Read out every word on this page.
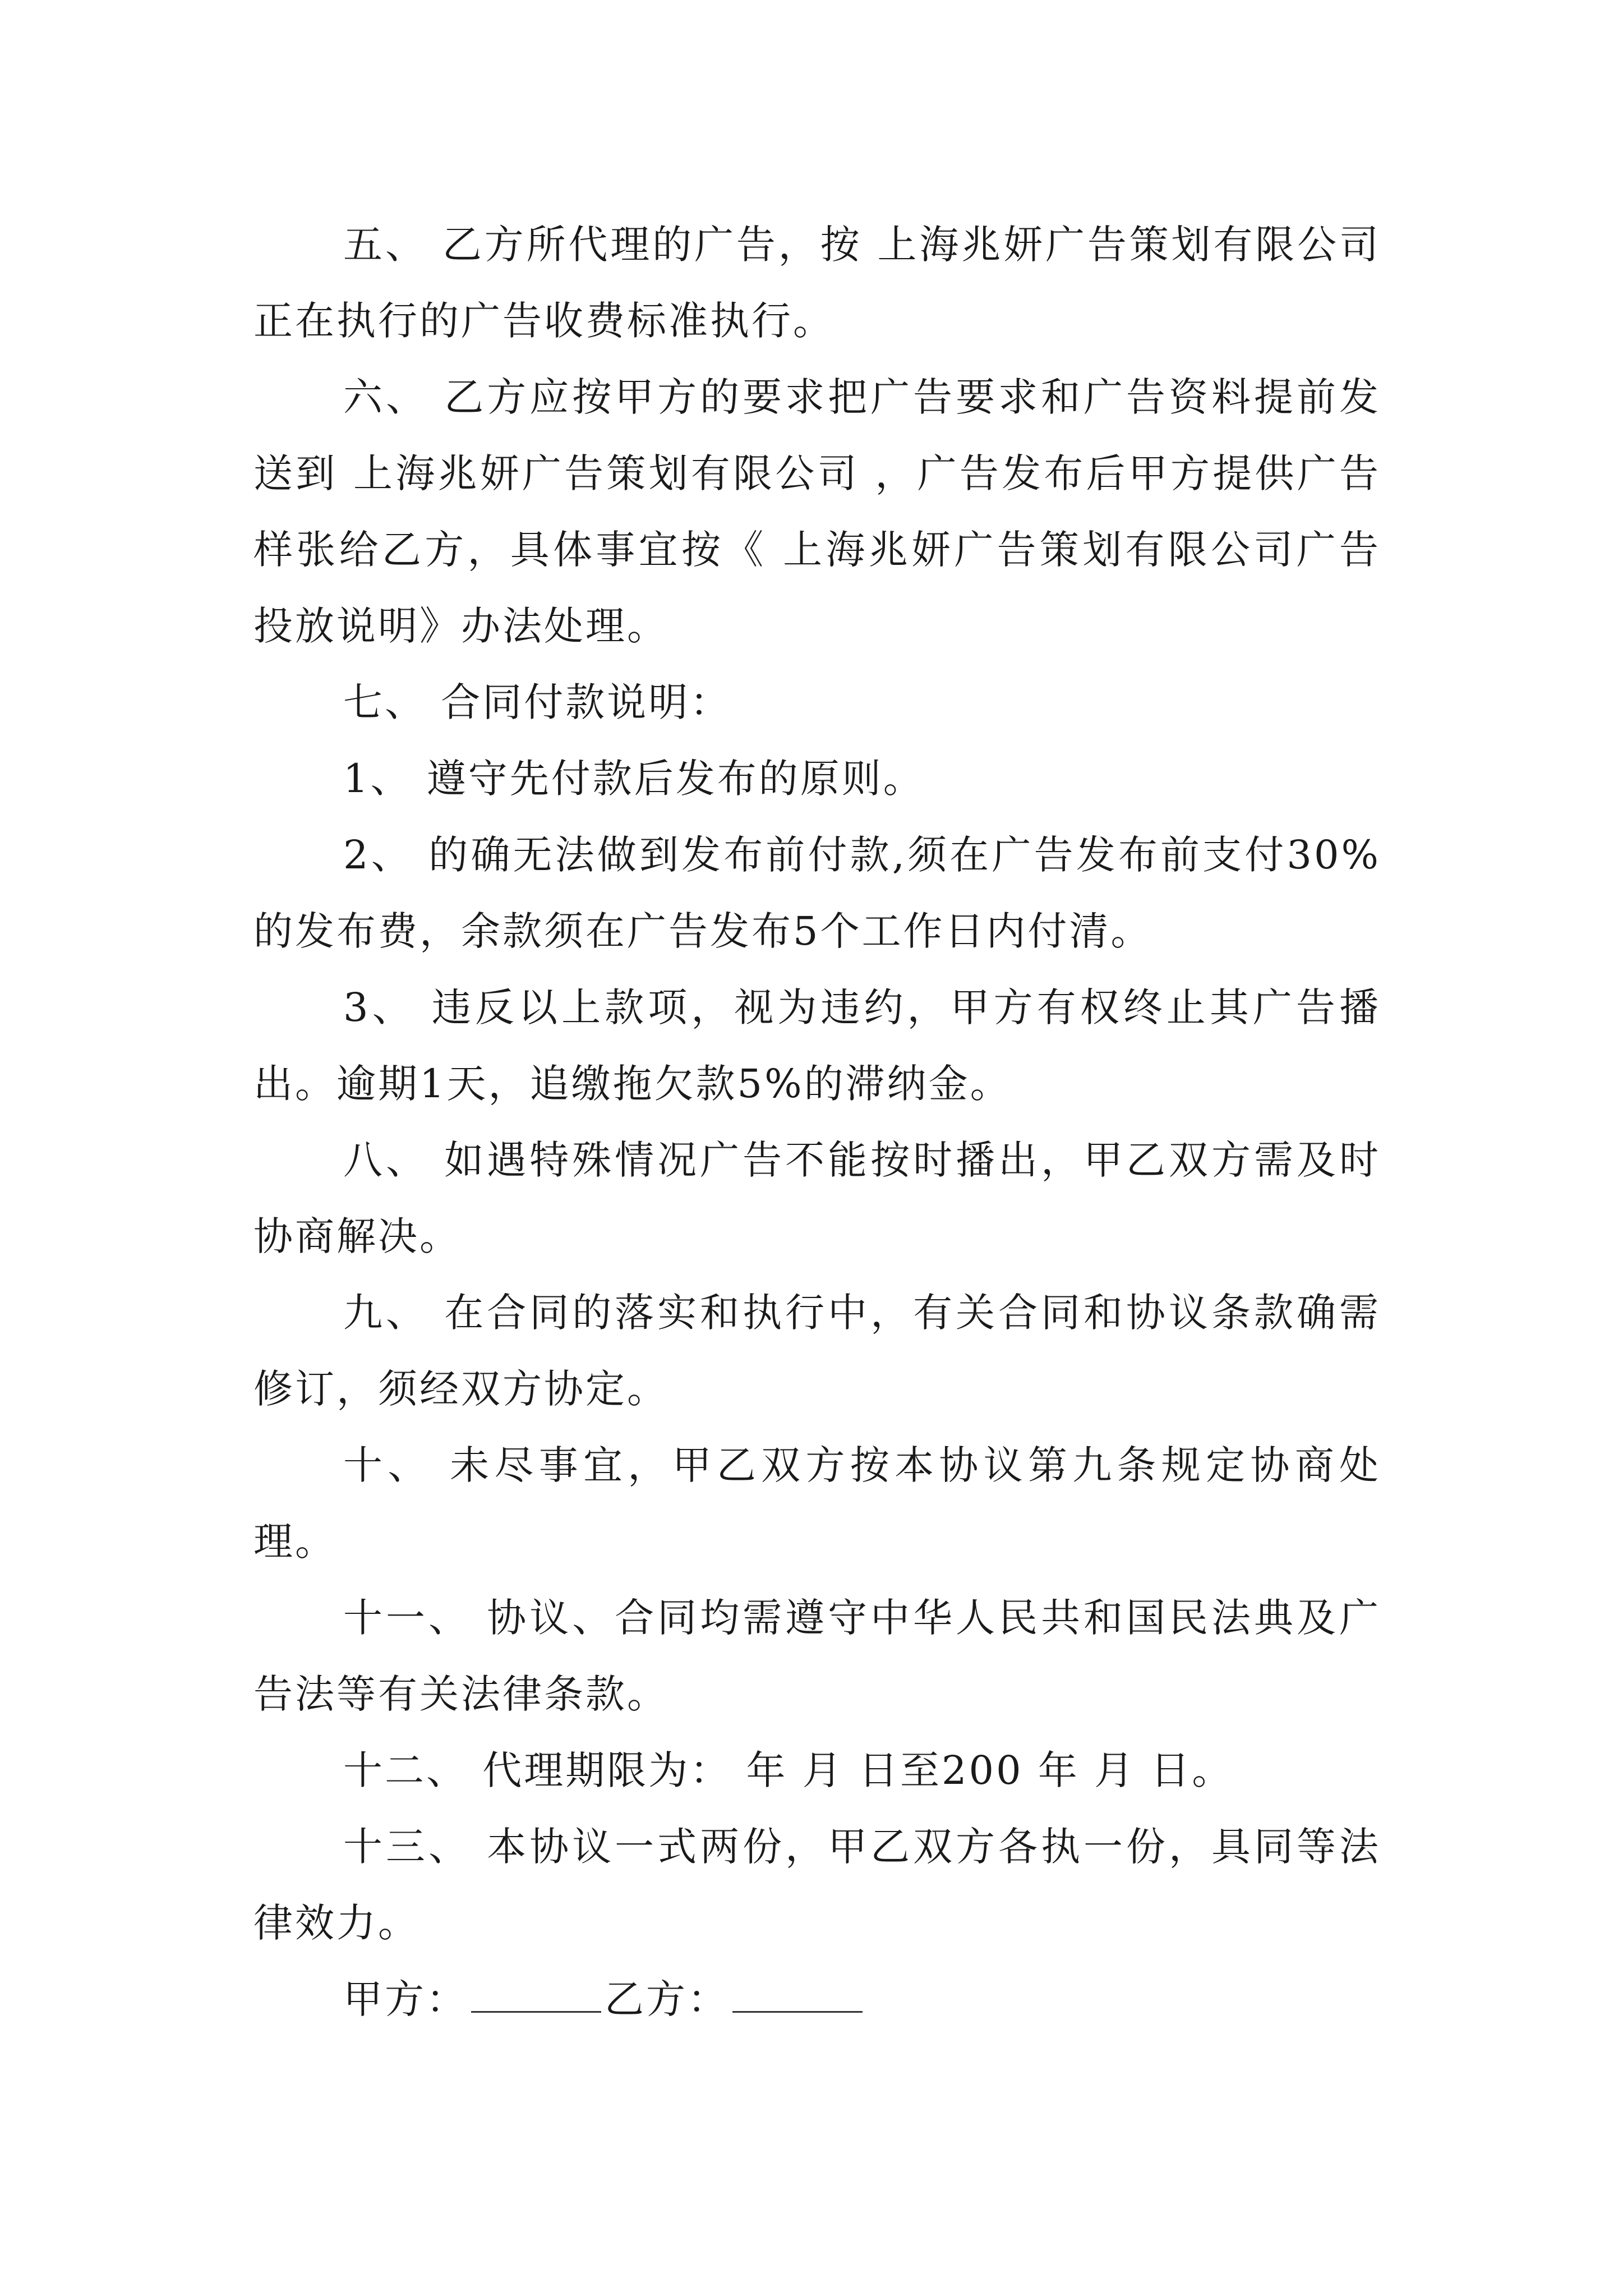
五、 乙方所代理的广告，按 上海兆妍广告策划有限公司 正在执行的广告收费标准执行。

六、 乙方应按甲方的要求把广告要求和广告资料提前发送到 上海兆妍广告策划有限公司 ，广告发布后甲方提供广告样张给乙方，具体事宜按《 上海兆妍广告策划有限公司广告 投放说明》办法处理。

七、 合同付款说明：

1、 遵守先付款后发布的原则。

2、 的确无法做到发布前付款,须在广告发布前支付30%的发布费，余款须在广告发布5个工作日内付清。

3、 违反以上款项，视为违约，甲方有权终止其广告播出。逾期1天，追缴拖欠款5%的滞纳金。

八、 如遇特殊情况广告不能按时播出，甲乙双方需及时协商解决。

九、 在合同的落实和执行中，有关合同和协议条款确需修订，须经双方协定。

十、 未尽事宜，甲乙双方按本协议第九条规定协商处理。

十一、 协议、合同均需遵守中华人民共和国民法典及广告法等有关法律条款。

十二、 代理期限为： 年 月 日至200 年 月 日。

十三、 本协议一式两份，甲乙双方各执一份，具同等法律效力。

甲方：	乙方：
